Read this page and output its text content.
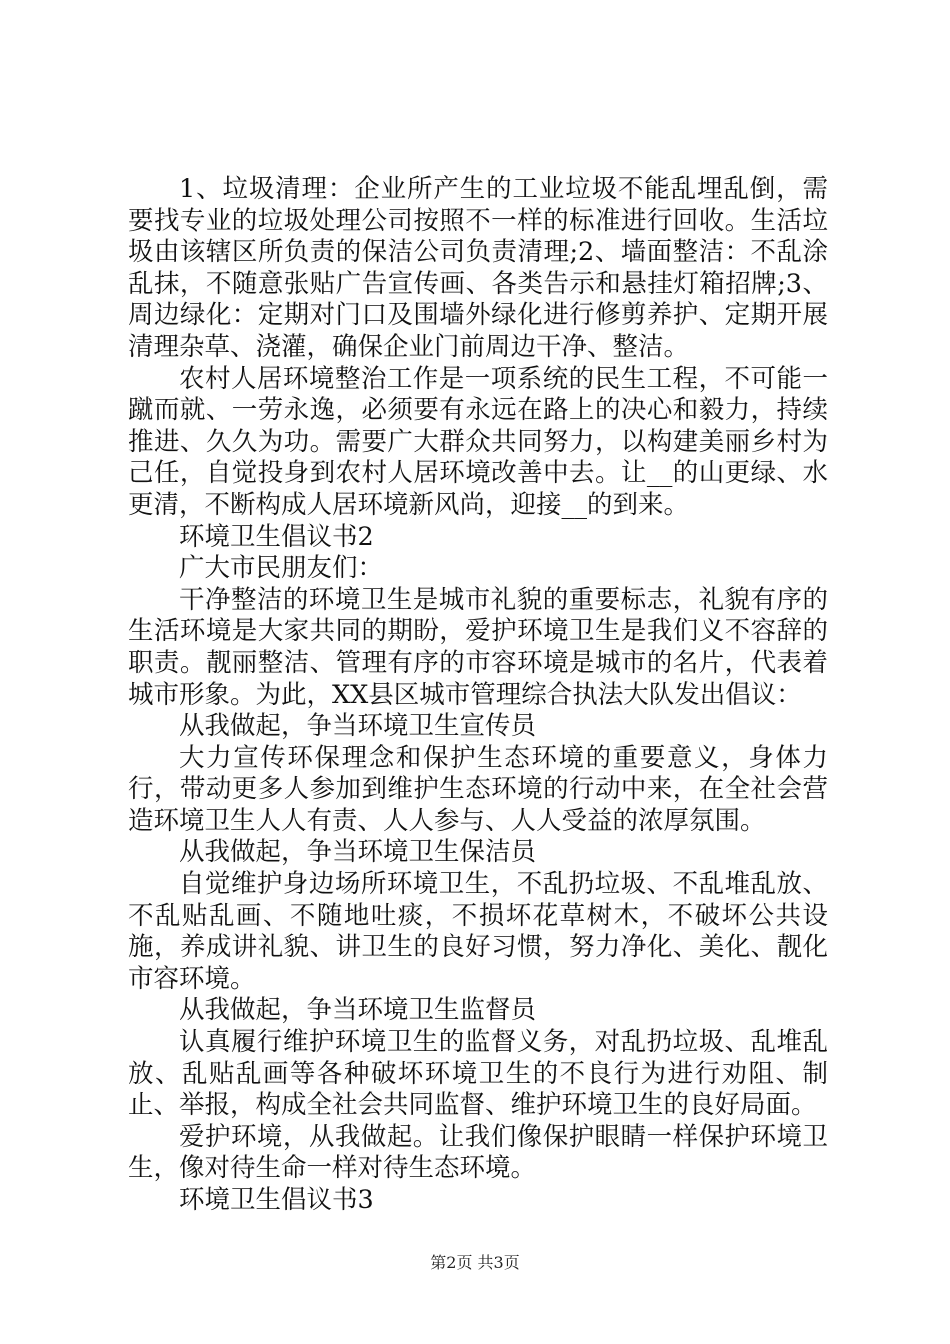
1、垃圾清理：企业所产生的工业垃圾不能乱埋乱倒，需要找专业的垃圾处理公司按照不一样的标准进行回收。生活垃圾由该辖区所负责的保洁公司负责清理;2、墙面整洁：不乱涂乱抹，不随意张贴广告宣传画、各类告示和悬挂灯箱招牌;3、周边绿化：定期对门口及围墙外绿化进行修剪养护、定期开展清理杂草、浇灌，确保企业门前周边干净、整洁。

农村人居环境整治工作是一项系统的民生工程，不可能一蹴而就、一劳永逸，必须要有永远在路上的决心和毅力，持续推进、久久为功。需要广大群众共同努力，以构建美丽乡村为己任，自觉投身到农村人居环境改善中去。让__的山更绿、水更清，不断构成人居环境新风尚，迎接__的到来。

环境卫生倡议书2

广大市民朋友们：

干净整洁的环境卫生是城市礼貌的重要标志，礼貌有序的生活环境是大家共同的期盼，爱护环境卫生是我们义不容辞的职责。靓丽整洁、管理有序的市容环境是城市的名片，代表着城市形象。为此，XX县区城市管理综合执法大队发出倡议：

从我做起，争当环境卫生宣传员

大力宣传环保理念和保护生态环境的重要意义，身体力行，带动更多人参加到维护生态环境的行动中来，在全社会营造环境卫生人人有责、人人参与、人人受益的浓厚氛围。

从我做起，争当环境卫生保洁员

自觉维护身边场所环境卫生，不乱扔垃圾、不乱堆乱放、不乱贴乱画、不随地吐痰，不损坏花草树木，不破坏公共设施，养成讲礼貌、讲卫生的良好习惯，努力净化、美化、靓化市容环境。

从我做起，争当环境卫生监督员

认真履行维护环境卫生的监督义务，对乱扔垃圾、乱堆乱放、乱贴乱画等各种破坏环境卫生的不良行为进行劝阻、制止、举报，构成全社会共同监督、维护环境卫生的良好局面。

爱护环境，从我做起。让我们像保护眼睛一样保护环境卫生，像对待生命一样对待生态环境。

环境卫生倡议书3

第2页 共3页
